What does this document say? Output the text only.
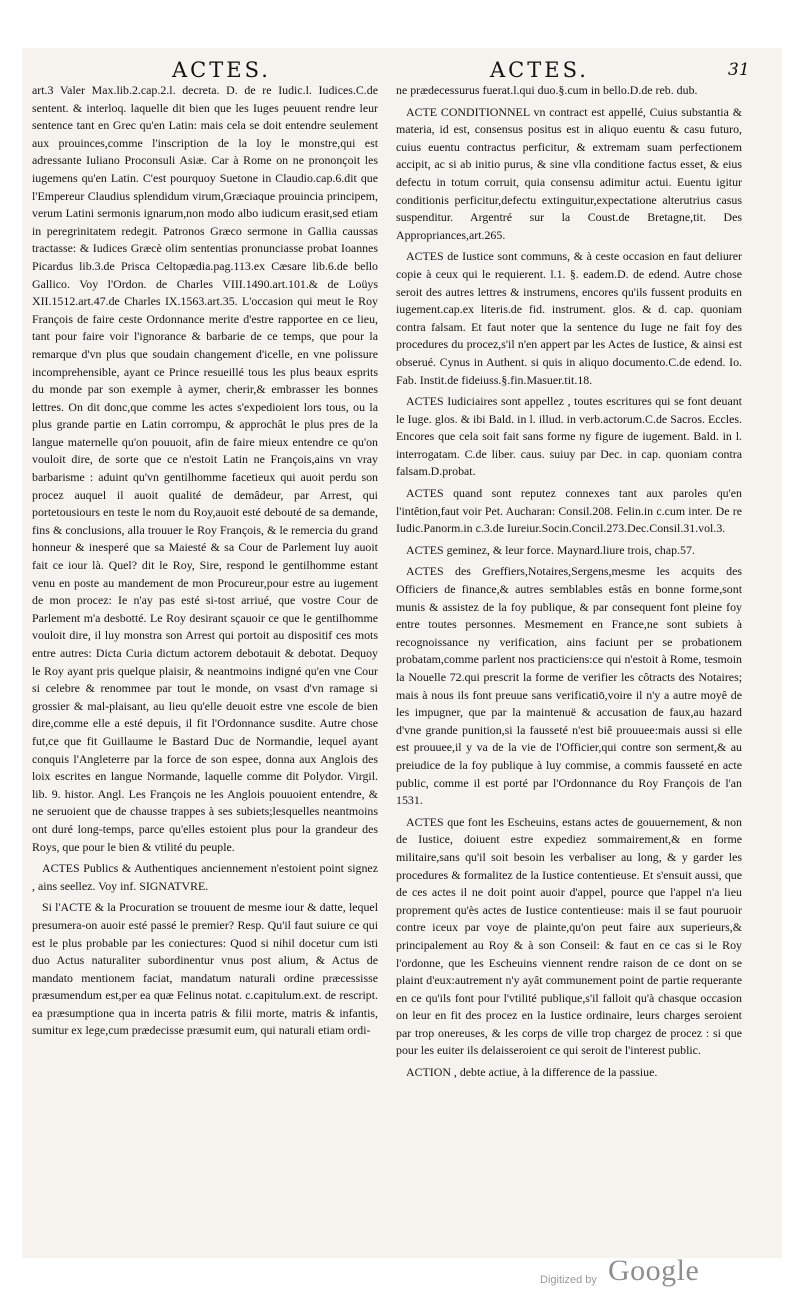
ACTES.	ACTES.	31

art.3 Valer Max.lib.2.cap.2.l. decreta. D. de re Iudic.l. Iudices.C.de sentent. & interloq. laquelle dit bien que les Iuges peuuent rendre leur sentence tant en Grec qu'en Latin: mais cela se doit entendre seulement aux prouinces,comme l'inscription de la loy le monstre,qui est adressante Iuliano Proconsuli Asiæ. Car à Rome on ne prononçoit les iugemens qu'en Latin. C'est pourquoy Suetone in Claudio.cap.6.dit que l'Empereur Claudius splendidum virum,Græciaque prouincia principem, verum Latini sermonis ignarum,non modo albo iudicum erasit,sed etiam in peregrinitatem redegit. Patronos Græco sermone in Gallia caussas tractasse: & Iudices Græcè olim sententias pronunciasse probat Ioannes Picardus lib.3.de Prisca Celtopædia.pag.113.ex Cæsare lib.6.de bello Gallico. Voy l'Ordon. de Charles VIII.1490.art.101.& de Loüys XII.1512.art.47.de Charles IX.1563.art.35. L'occasion qui meut le Roy François de faire ceste Ordonnance merite d'estre rapportee en ce lieu, tant pour faire voir l'ignorance & barbarie de ce temps, que pour la remarque d'vn plus que soudain changement d'icelle, en vne polissure incomprehensible, ayant ce Prince resueillé tous les plus beaux esprits du monde par son exemple à aymer, cherir,& embrasser les bonnes lettres. On dit donc,que comme les actes s'expedioient lors tous, ou la plus grande partie en Latin corrompu, & approchât le plus pres de la langue maternelle qu'on pouuoit, afin de faire mieux entendre ce qu'on vouloit dire, de sorte que ce n'estoit Latin ne François,ains vn vray barbarisme : aduint qu'vn gentilhomme facetieux qui auoit perdu son procez auquel il auoit qualité de demâdeur, par Arrest, qui portetousiours en teste le nom du Roy,auoit esté debouté de sa demande, fins & conclusions, alla trouuer le Roy François, & le remercia du grand honneur & inesperé que sa Maiesté & sa Cour de Parlement luy auoit fait ce iour là. Quel? dit le Roy, Sire, respond le gentilhomme estant venu en poste au mandement de mon Procureur,pour estre au iugement de mon procez: Ie n'ay pas esté si-tost arriué, que vostre Cour de Parlement m'a desbotté. Le Roy desirant sçauoir ce que le gentilhomme vouloit dire, il luy monstra son Arrest qui portoit au dispositif ces mots entre autres: Dicta Curia dictum actorem debotauit & debotat. Dequoy le Roy ayant pris quelque plaisir, & neantmoins indigné qu'en vne Cour si celebre & renommee par tout le monde, on vsast d'vn ramage si grossier & mal-plaisant, au lieu qu'elle deuoit estre vne escole de bien dire,comme elle a esté depuis, il fit l'Ordonnance susdite. Autre chose fut,ce que fit Guillaume le Bastard Duc de Normandie, lequel ayant conquis l'Angleterre par la force de son espee, donna aux Anglois des loix escrites en langue Normande, laquelle comme dit Polydor. Virgil. lib. 9. histor. Angl. Les François ne les Anglois pouuoient entendre, & ne seruoient que de chausse trappes à ses subiets;lesquelles neantmoins ont duré long-temps, parce qu'elles estoient plus pour la grandeur des Roys, que pour le bien & vtilité du peuple.

ACTES Publics & Authentiques anciennement n'estoient point signez , ains seellez. Voy inf. SIGNATVRE.

Si l'ACTE & la Procuration se trouuent de mesme iour & datte, lequel presumera-on auoir esté passé le premier? Resp. Qu'il faut suiure ce qui est le plus probable par les coniectures: Quod si nihil docetur cum isti duo Actus naturaliter subordinentur vnus post alium, & Actus de mandato mentionem faciat, mandatum naturali ordine præcessisse præsumendum est,per ea quæ Felinus notat. c.capitulum.ext. de rescript. ea præsumptione qua in incerta patris & filii morte, matris & infantis, sumitur ex lege,cum prædecisse præsumit eum, qui naturali etiam ordi-

ne prædecessurus fuerat.l.qui duo.§.cum in bello.D.de reb. dub.

ACTE CONDITIONNEL vn contract est appellé, Cuius substantia & materia, id est, consensus positus est in aliquo euentu & casu futuro, cuius euentu contractus perficitur, & extremam suam perfectionem accipit, ac si ab initio purus, & sine vlla conditione factus esset, & eius defectu in totum corruit, quia consensu adimitur actui. Euentu igitur conditionis perficitur,defectu extinguitur,expectatione alterutrius casus suspenditur. Argentré sur la Coust.de Bretagne,tit. Des Appropriances,art.265.

ACTES de Iustice sont communs, & à ceste occasion en faut deliurer copie à ceux qui le requierent. l.1. §. eadem.D. de edend. Autre chose seroit des autres lettres & instrumens, encores qu'ils fussent produits en iugement.cap.ex literis.de fid. instrument. glos. & d. cap. quoniam contra falsam. Et faut noter que la sentence du Iuge ne fait foy des procedures du procez,s'il n'en appert par les Actes de Iustice, & ainsi est obserué. Cynus in Authent. si quis in aliquo documento.C.de edend. Io. Fab. Instit.de fideiuss.§.fin.Masuer.tit.18.

ACTES Iudiciaires sont appellez , toutes escritures qui se font deuant le Iuge. glos. & ibi Bald. in l. illud. in verb.actorum.C.de Sacros. Eccles. Encores que cela soit fait sans forme ny figure de iugement. Bald. in l. interrogatam. C.de liber. caus. suiuy par Dec. in cap. quoniam contra falsam.D.probat.

ACTES quand sont reputez connexes tant aux paroles qu'en l'intêtion,faut voir Pet. Aucharan: Consil.208. Felin.in c.cum inter. De re Iudic.Panorm.in c.3.de Iureiur.Socin.Concil.273.Dec.Consil.31.vol.3.

ACTES geminez, & leur force. Maynard.liure trois, chap.57.

ACTES des Greffiers,Notaires,Sergens,mesme les acquits des Officiers de finance,& autres semblables estâs en bonne forme,sont munis & assistez de la foy publique, & par consequent font pleine foy entre toutes personnes. Mesmement en France,ne sont subiets à recognoissance ny verification, ains faciunt per se probationem probatam,comme parlent nos practiciens:ce qui n'estoit à Rome, tesmoin la Nouelle 72.qui prescrit la forme de verifier les côtracts des Notaires; mais à nous ils font preuue sans verificatiō,voire il n'y a autre moyê de les impugner, que par la maintenuë & accusation de faux,au hazard d'vne grande punition,si la fausseté n'est biê prouuee:mais aussi si elle est prouuee,il y va de la vie de l'Officier,qui contre son serment,& au preiudice de la foy publique à luy commise, a commis fausseté en acte public, comme il est porté par l'Ordonnance du Roy François de l'an 1531.

ACTES que font les Escheuins, estans actes de gouuernement, & non de Iustice, doiuent estre expediez sommairement,& en forme militaire,sans qu'il soit besoin les verbaliser au long, & y garder les procedures & formalitez de la Iustice contentieuse. Et s'ensuit aussi, que de ces actes il ne doit point auoir d'appel, pource que l'appel n'a lieu proprement qu'ès actes de Iustice contentieuse: mais il se faut pouruoir contre iceux par voye de plainte,qu'on peut faire aux superieurs,& principalement au Roy & à son Conseil: & faut en ce cas si le Roy l'ordonne, que les Escheuins viennent rendre raison de ce dont on se plaint d'eux:autrement n'y ayât communement point de partie requerante en ce qu'ils font pour l'vtilité publique,s'il falloit qu'à chasque occasion on leur en fit des procez en la Iustice ordinaire, leurs charges seroient par trop onereuses, & les corps de ville trop chargez de procez : si que pour les euiter ils delaisseroient ce qui seroit de l'interest public.

ACTION , debte actiue, à la difference de la passiue.

Digitized by Google
